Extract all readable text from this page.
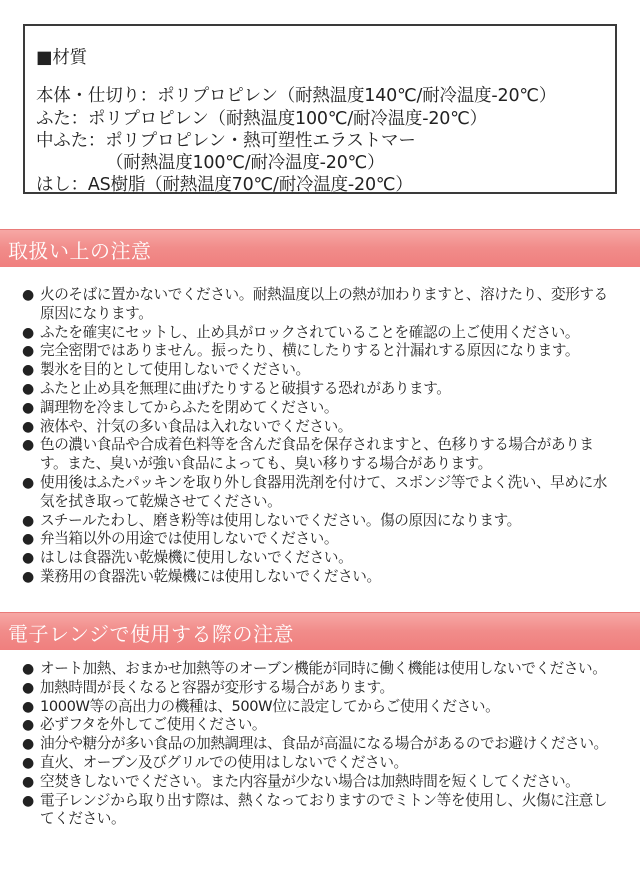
■材質
本体・仕切り：ポリプロピレン（耐熱温度140℃/耐冷温度-20℃）
ふた：ポリプロピレン（耐熱温度100℃/耐冷温度-20℃）
中ふた：ポリプロピレン・熱可塑性エラストマー
（耐熱温度100℃/耐冷温度-20℃）
はし：AS樹脂（耐熱温度70℃/耐冷温度-20℃）
取扱い上の注意
● 火のそばに置かないでください。耐熱温度以上の熱が加わりますと、溶けたり、変形する原因になります。
● ふたを確実にセットし、止め具がロックされていることを確認の上ご使用ください。
● 完全密閉ではありません。振ったり、横にしたりすると汁漏れする原因になります。
● 製氷を目的として使用しないでください。
● ふたと止め具を無理に曲げたりすると破損する恐れがあります。
● 調理物を冷ましてからふたを閉めてください。
● 液体や、汁気の多い食品は入れないでください。
● 色の濃い食品や合成着色料等を含んだ食品を保存されますと、色移りする場合があります。また、臭いが強い食品によっても、臭い移りする場合があります。
● 使用後はふたパッキンを取り外し食器用洗剤を付けて、スポンジ等でよく洗い、早めに水気を拭き取って乾燥させてください。
● スチールたわし、磨き粉等は使用しないでください。傷の原因になります。
● 弁当箱以外の用途では使用しないでください。
● はしは食器洗い乾燥機に使用しないでください。
● 業務用の食器洗い乾燥機には使用しないでください。
電子レンジで使用する際の注意
● オート加熱、おまかせ加熱等のオーブン機能が同時に働く機能は使用しないでください。
● 加熱時間が長くなると容器が変形する場合があります。
● 1000W等の高出力の機種は、500W位に設定してからご使用ください。
● 必ずフタを外してご使用ください。
● 油分や糖分が多い食品の加熱調理は、食品が高温になる場合があるのでお避けください。
● 直火、オーブン及びグリルでの使用はしないでください。
● 空焚きしないでください。また内容量が少ない場合は加熱時間を短くしてください。
● 電子レンジから取り出す際は、熱くなっておりますのでミトン等を使用し、火傷に注意してください。
